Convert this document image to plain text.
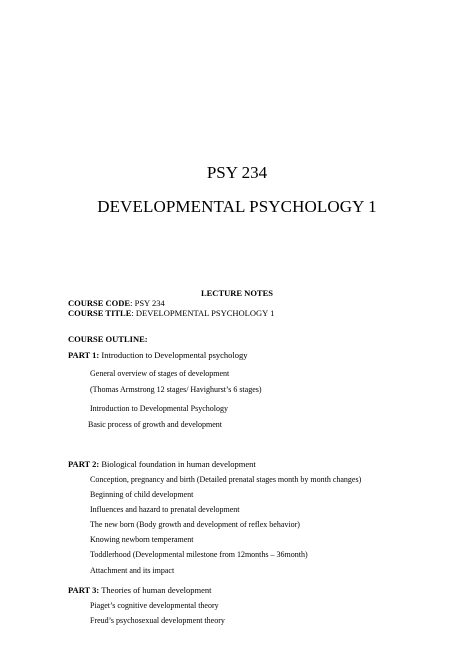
PSY 234
DEVELOPMENTAL PSYCHOLOGY 1
LECTURE NOTES
COURSE CODE: PSY 234
COURSE TITLE: DEVELOPMENTAL PSYCHOLOGY 1
COURSE OUTLINE:
PART 1: Introduction to Developmental psychology
General overview of stages of development
(Thomas Armstrong 12 stages/ Havighurst’s 6 stages)
Introduction to Developmental Psychology
Basic process of growth and development
PART 2: Biological foundation in human development
Conception, pregnancy and birth (Detailed prenatal stages month by month changes)
Beginning of child development
Influences and hazard to prenatal development
The new born (Body growth and development of reflex behavior)
Knowing newborn temperament
Toddlerhood (Developmental milestone from 12months – 36month)
Attachment and its impact
PART 3: Theories of human development
Piaget’s cognitive developmental theory
Freud’s psychosexual development theory
